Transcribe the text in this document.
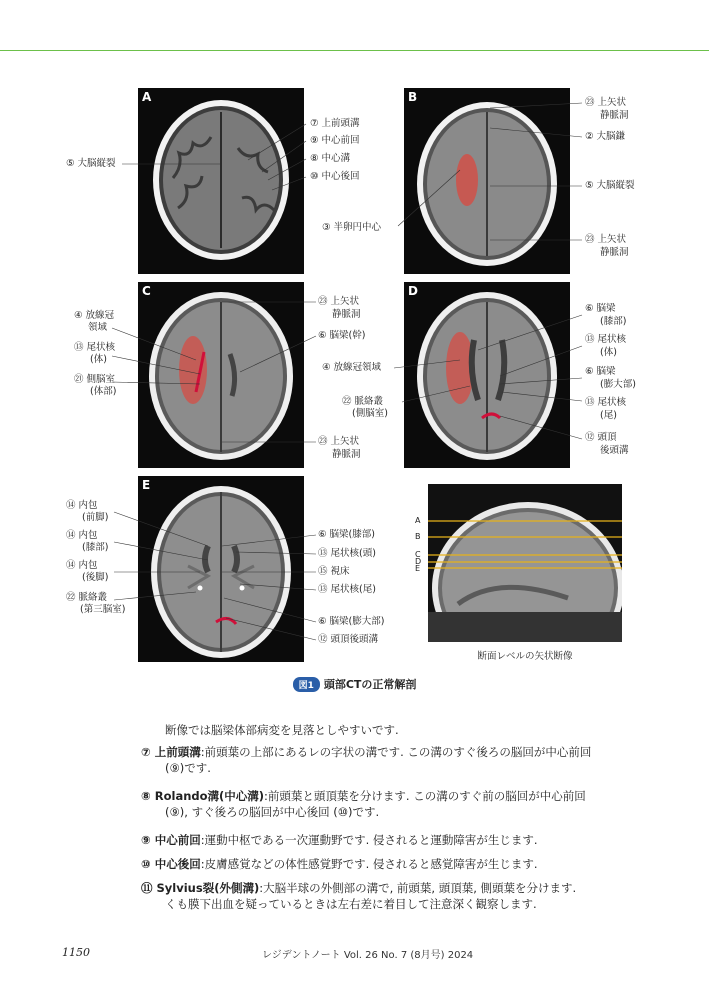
A	B
C	D
E
A
B
C
D
E
断面レベルの矢状断像
⑦ 上前頭溝
⑨ 中心前回
⑧ 中心溝
⑩ 中心後回
⑤ 大脳縦裂
㉓ 上矢状
静脈洞
② 大脳鎌
⑤ 大脳縦裂
㉓ 上矢状
静脈洞
③ 半卵円中心
④ 放線冠
領域
⑬ 尾状核
(体)
㉑ 側脳室
(体部)
㉓ 上矢状
静脈洞
⑥ 脳梁(幹)
㉓ 上矢状
静脈洞
④ 放線冠領域
㉒ 脈絡叢
(側脳室)
⑥ 脳梁
(膝部)
⑬ 尾状核
(体)
⑥ 脳梁
(膨大部)
⑬ 尾状核
(尾)
⑫ 頭頂
後頭溝
⑭ 内包
(前脚)
⑭ 内包
(膝部)
⑭ 内包
(後脚)
㉒ 脈絡叢
(第三脳室)
⑥ 脳梁(膝部)
⑬ 尾状核(頭)
⑮ 視床
⑬ 尾状核(尾)
⑥ 脳梁(膨大部)
⑫ 頭頂後頭溝
図1 頭部CTの正常解剖
断像では脳梁体部病変を見落としやすいです.
⑦ 上前頭溝:前頭葉の上部にあるレの字状の溝です. この溝のすぐ後ろの脳回が中心前回
(⑨)です.
⑧ Rolando溝(中心溝):前頭葉と頭頂葉を分けます. この溝のすぐ前の脳回が中心前回
(⑨), すぐ後ろの脳回が中心後回 (⑩)です.
⑨ 中心前回:運動中枢である一次運動野です. 侵されると運動障害が生じます.
⑩ 中心後回:皮膚感覚などの体性感覚野です. 侵されると感覚障害が生じます.
⑪ Sylvius裂(外側溝):大脳半球の外側部の溝で, 前頭葉, 頭頂葉, 側頭葉を分けます.
くも膜下出血を疑っているときは左右差に着目して注意深く観察します.
1150	レジデントノート Vol. 26 No. 7 (8月号) 2024
